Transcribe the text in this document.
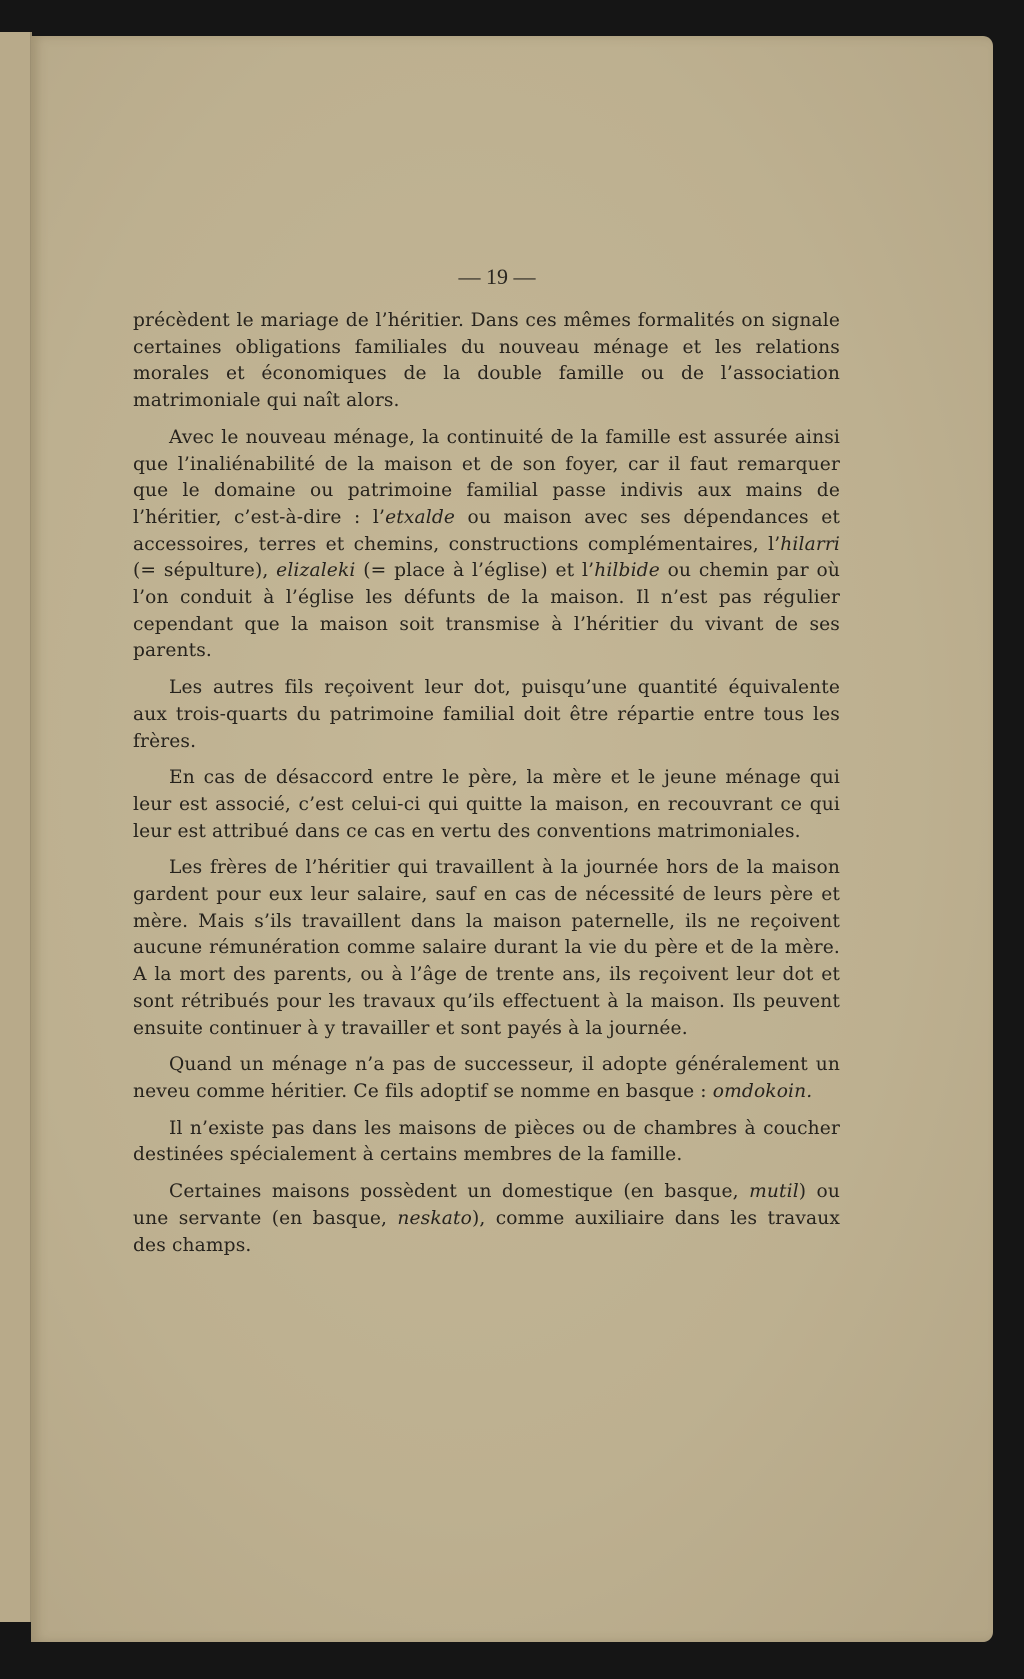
— 19 —

précèdent le mariage de l’héritier. Dans ces mêmes formalités on signale certaines obligations familiales du nouveau ménage et les relations morales et économiques de la double famille ou de l’association matrimoniale qui naît alors.

Avec le nouveau ménage, la continuité de la famille est assurée ainsi que l’inaliénabilité de la maison et de son foyer, car il faut remarquer que le domaine ou patrimoine familial passe indivis aux mains de l’héritier, c’est-à-dire : l’etxalde ou maison avec ses dépendances et accessoires, terres et chemins, constructions complémentaires, l’hilarri (= sépulture), elizaleki (= place à l’église) et l’hilbide ou chemin par où l’on conduit à l’église les défunts de la maison. Il n’est pas régulier cependant que la maison soit transmise à l’héritier du vivant de ses parents.

Les autres fils reçoivent leur dot, puisqu’une quantité équivalente aux trois-quarts du patrimoine familial doit être répartie entre tous les frères.

En cas de désaccord entre le père, la mère et le jeune ménage qui leur est associé, c’est celui-ci qui quitte la maison, en recouvrant ce qui leur est attribué dans ce cas en vertu des conventions matrimoniales.

Les frères de l’héritier qui travaillent à la journée hors de la maison gardent pour eux leur salaire, sauf en cas de nécessité de leurs père et mère. Mais s’ils travaillent dans la maison paternelle, ils ne reçoivent aucune rémunération comme salaire durant la vie du père et de la mère. A la mort des parents, ou à l’âge de trente ans, ils reçoivent leur dot et sont rétribués pour les travaux qu’ils effectuent à la maison. Ils peuvent ensuite continuer à y travailler et sont payés à la journée.

Quand un ménage n’a pas de successeur, il adopte généralement un neveu comme héritier. Ce fils adoptif se nomme en basque : omdokoin.

Il n’existe pas dans les maisons de pièces ou de chambres à coucher destinées spécialement à certains membres de la famille.

Certaines maisons possèdent un domestique (en basque, mutil) ou une servante (en basque, neskato), comme auxiliaire dans les travaux des champs.
